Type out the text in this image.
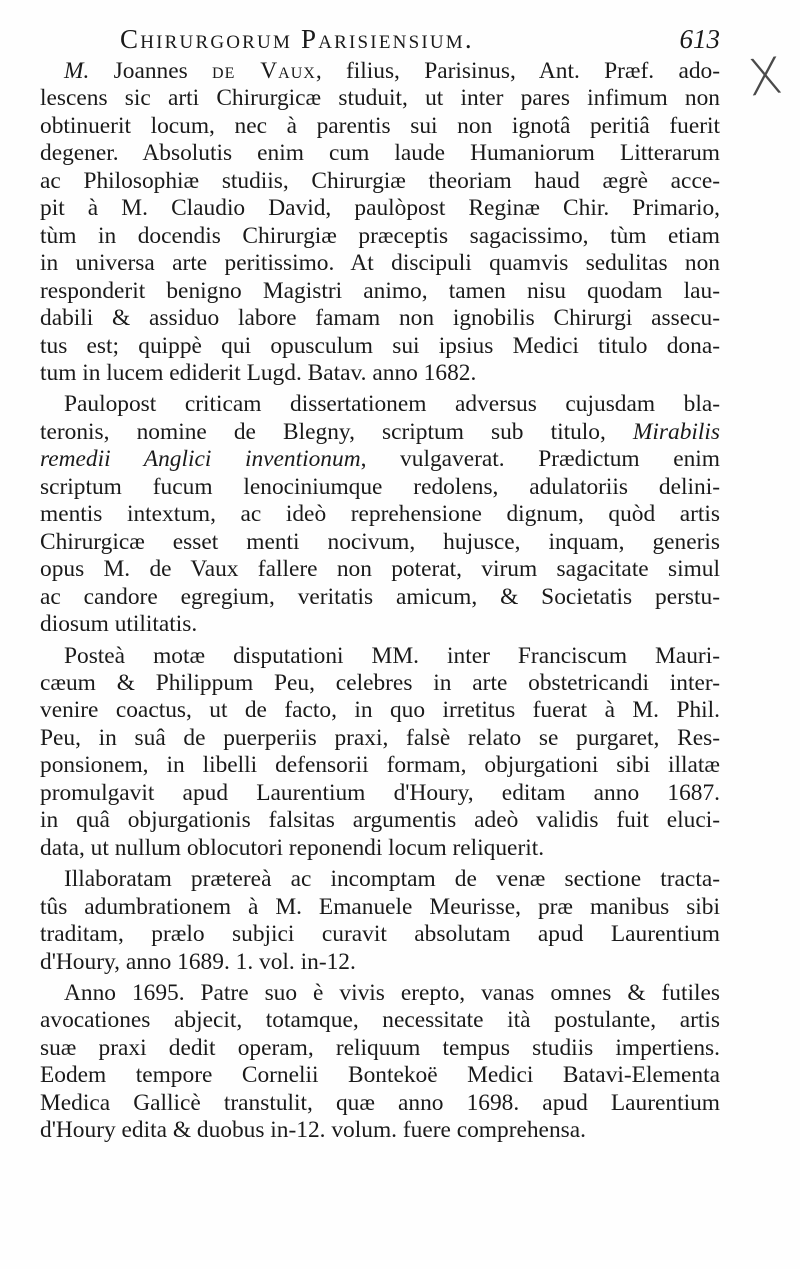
Chirurgorum Parisiensium.	613
X
M. Joannes de Vaux, filius, Parisinus, Ant. Præf. ado-
lescens sic arti Chirurgicæ studuit, ut inter pares infimum non
obtinuerit locum, nec à parentis sui non ignotâ peritiâ fuerit
degener. Absolutis enim cum laude Humaniorum Litterarum
ac Philosophiæ studiis, Chirurgiæ theoriam haud ægrè acce-
pit à M. Claudio David, paulòpost Reginæ Chir. Primario,
tùm in docendis Chirurgiæ præceptis sagacissimo, tùm etiam
in universa arte peritissimo. At discipuli quamvis sedulitas non
responderit benigno Magistri animo, tamen nisu quodam lau-
dabili & assiduo labore famam non ignobilis Chirurgi assecu-
tus est; quippè qui opusculum sui ipsius Medici titulo dona-
tum in lucem ediderit Lugd. Batav. anno 1682.
Paulopost criticam dissertationem adversus cujusdam bla-
teronis, nomine de Blegny, scriptum sub titulo, Mirabilis
remedii Anglici inventionum, vulgaverat. Prædictum enim
scriptum fucum lenociniumque redolens, adulatoriis delini-
mentis intextum, ac ideò reprehensione dignum, quòd artis
Chirurgicæ esset menti nocivum, hujusce, inquam, generis
opus M. de Vaux fallere non poterat, virum sagacitate simul
ac candore egregium, veritatis amicum, & Societatis perstu-
diosum utilitatis.
Posteà motæ disputationi MM. inter Franciscum Mauri-
cæum & Philippum Peu, celebres in arte obstetricandi inter-
venire coactus, ut de facto, in quo irretitus fuerat à M. Phil.
Peu, in suâ de puerperiis praxi, falsè relato se purgaret, Res-
ponsionem, in libelli defensorii formam, objurgationi sibi illatæ
promulgavit apud Laurentium d'Houry, editam anno 1687.
in quâ objurgationis falsitas argumentis adeò validis fuit eluci-
data, ut nullum oblocutori reponendi locum reliquerit.
Illaboratam prætereà ac incomptam de venæ sectione tracta-
tûs adumbrationem à M. Emanuele Meurisse, præ manibus sibi
traditam, prælo subjici curavit absolutam apud Laurentium
d'Houry, anno 1689. 1. vol. in-12.
Anno 1695. Patre suo è vivis erepto, vanas omnes & futiles
avocationes abjecit, totamque, necessitate ità postulante, artis
suæ praxi dedit operam, reliquum tempus studiis impertiens.
Eodem tempore Cornelii Bontekoë Medici Batavi-Elementa
Medica Gallicè transtulit, quæ anno 1698. apud Laurentium
d'Houry edita & duobus in-12. volum. fuere comprehensa.
